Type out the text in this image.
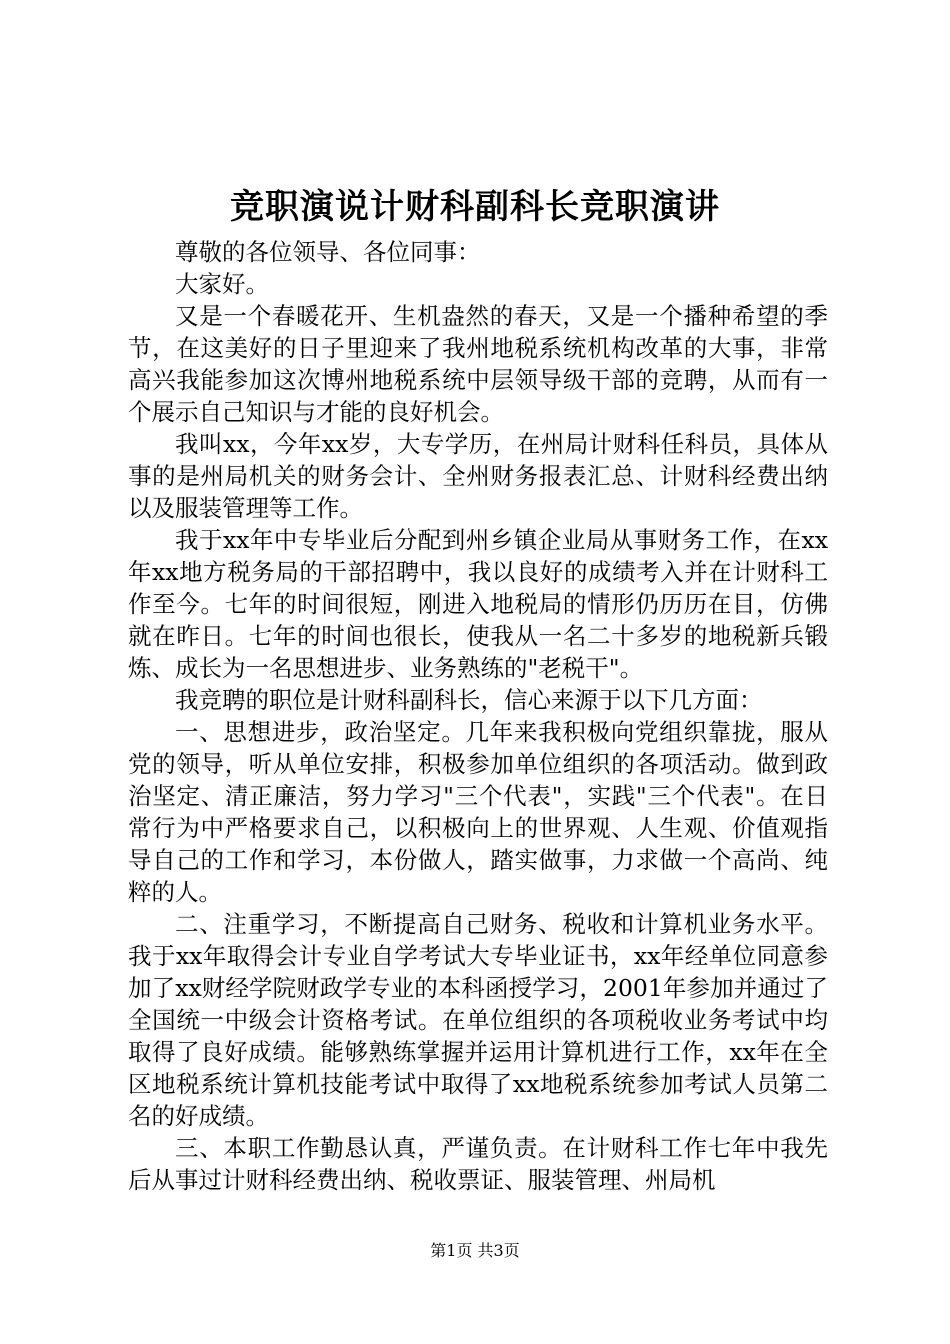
竞职演说计财科副科长竞职演讲

尊敬的各位领导、各位同事：

大家好。

又是一个春暖花开、生机盎然的春天，又是一个播种希望的季节，在这美好的日子里迎来了我州地税系统机构改革的大事，非常高兴我能参加这次博州地税系统中层领导级干部的竞聘，从而有一个展示自己知识与才能的良好机会。

我叫xx，今年xx岁，大专学历，在州局计财科任科员，具体从事的是州局机关的财务会计、全州财务报表汇总、计财科经费出纳以及服装管理等工作。

我于xx年中专毕业后分配到州乡镇企业局从事财务工作，在xx年xx地方税务局的干部招聘中，我以良好的成绩考入并在计财科工作至今。七年的时间很短，刚进入地税局的情形仍历历在目，仿佛就在昨日。七年的时间也很长，使我从一名二十多岁的地税新兵锻炼、成长为一名思想进步、业务熟练的"老税干"。

我竞聘的职位是计财科副科长，信心来源于以下几方面：

一、思想进步，政治坚定。几年来我积极向党组织靠拢，服从党的领导，听从单位安排，积极参加单位组织的各项活动。做到政治坚定、清正廉洁，努力学习"三个代表"，实践"三个代表"。在日常行为中严格要求自己，以积极向上的世界观、人生观、价值观指导自己的工作和学习，本份做人，踏实做事，力求做一个高尚、纯粹的人。

二、注重学习，不断提高自己财务、税收和计算机业务水平。我于xx年取得会计专业自学考试大专毕业证书，xx年经单位同意参加了xx财经学院财政学专业的本科函授学习，2001年参加并通过了全国统一中级会计资格考试。在单位组织的各项税收业务考试中均取得了良好成绩。能够熟练掌握并运用计算机进行工作，xx年在全区地税系统计算机技能考试中取得了xx地税系统参加考试人员第二名的好成绩。

三、本职工作勤恳认真，严谨负责。在计财科工作七年中我先后从事过计财科经费出纳、税收票证、服装管理、州局机

第1页 共3页
